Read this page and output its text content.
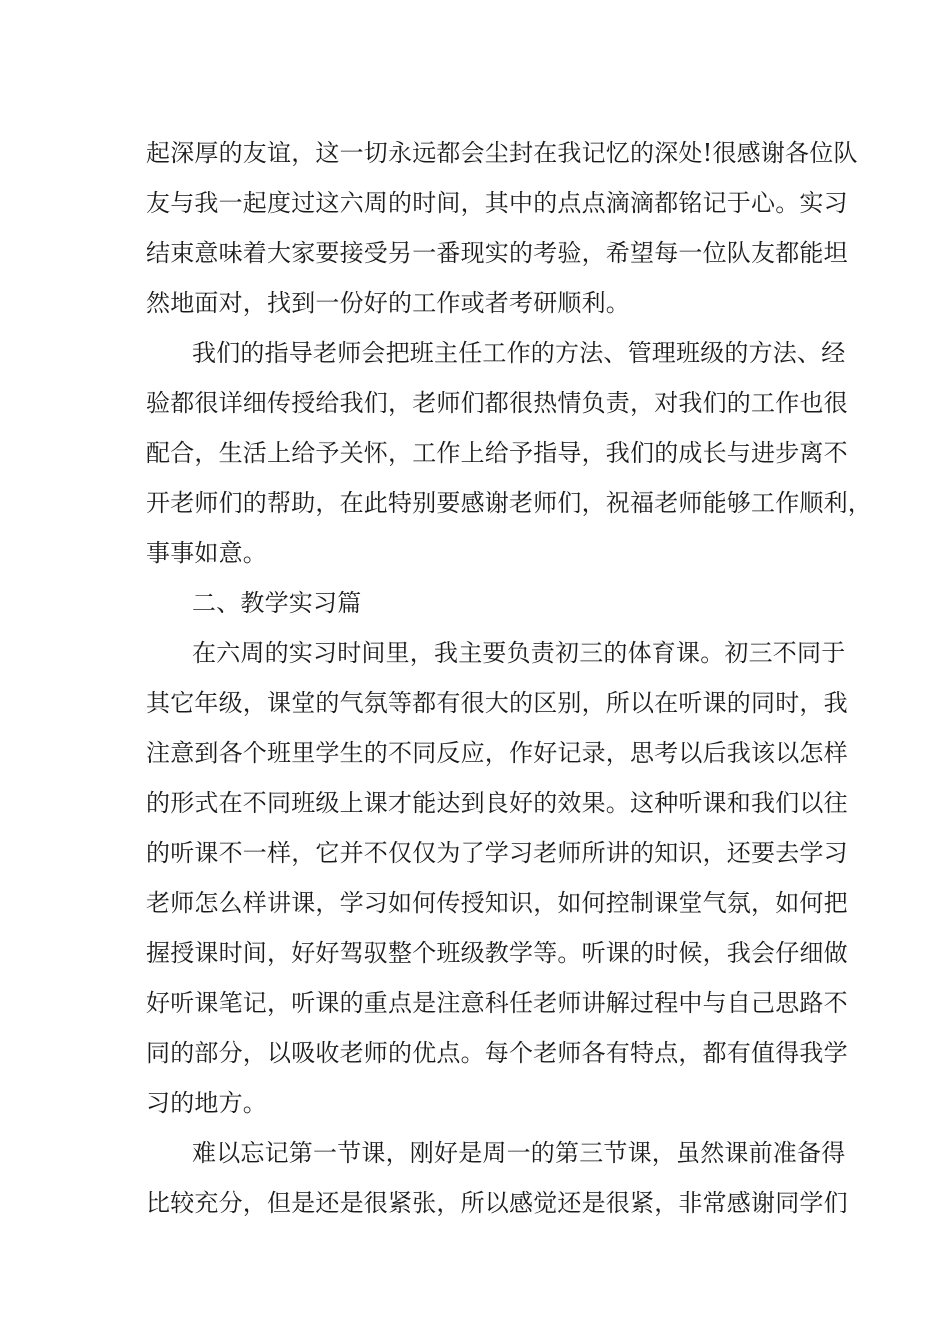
起深厚的友谊，这一切永远都会尘封在我记忆的深处!很感谢各位队
友与我一起度过这六周的时间，其中的点点滴滴都铭记于心。实习
结束意味着大家要接受另一番现实的考验，希望每一位队友都能坦
然地面对，找到一份好的工作或者考研顺利。
我们的指导老师会把班主任工作的方法、管理班级的方法、经
验都很详细传授给我们，老师们都很热情负责，对我们的工作也很
配合，生活上给予关怀，工作上给予指导，我们的成长与进步离不
开老师们的帮助，在此特别要感谢老师们，祝福老师能够工作顺利，
事事如意。
二、教学实习篇
在六周的实习时间里，我主要负责初三的体育课。初三不同于
其它年级，课堂的气氛等都有很大的区别，所以在听课的同时，我
注意到各个班里学生的不同反应，作好记录，思考以后我该以怎样
的形式在不同班级上课才能达到良好的效果。这种听课和我们以往
的听课不一样，它并不仅仅为了学习老师所讲的知识，还要去学习
老师怎么样讲课，学习如何传授知识，如何控制课堂气氛，如何把
握授课时间，好好驾驭整个班级教学等。听课的时候，我会仔细做
好听课笔记，听课的重点是注意科任老师讲解过程中与自己思路不
同的部分，以吸收老师的优点。每个老师各有特点，都有值得我学
习的地方。
难以忘记第一节课，刚好是周一的第三节课，虽然课前准备得
比较充分，但是还是很紧张，所以感觉还是很紧，非常感谢同学们
